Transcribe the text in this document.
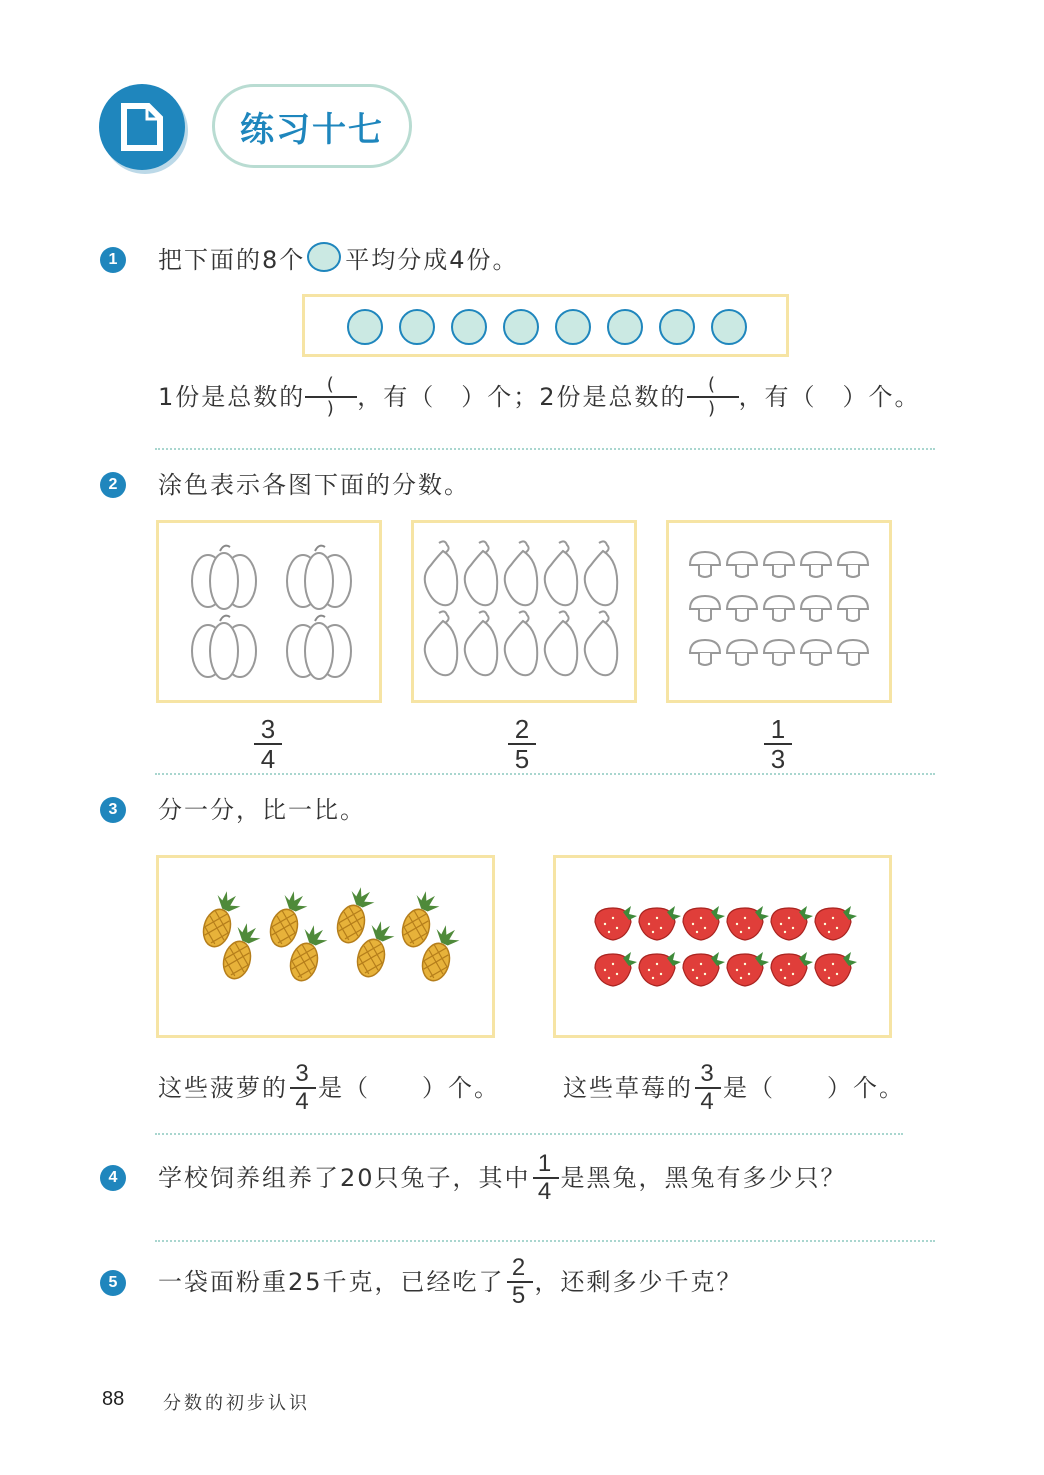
练习十七
1	把下面的8个 平均分成4份。
1份是总数的 (
) ，有（　）个；2份是总数的 (
) ，有（　）个。
2	涂色表示各图下面的分数。
$\frac{3}{4}$	$\frac{2}{5}$	$\frac{1}{3}$
3	分一分，比一比。
这些菠萝的 $\frac{3}{4}$ 是（　　）个。	这些草莓的 $\frac{3}{4}$ 是（　　）个。
4	学校饲养组养了20只兔子，其中 $\frac{1}{4}$ 是黑兔，黑兔有多少只？
5	一袋面粉重25千克，已经吃了 $\frac{2}{5}$ ，还剩多少千克？
88 分数的初步认识
